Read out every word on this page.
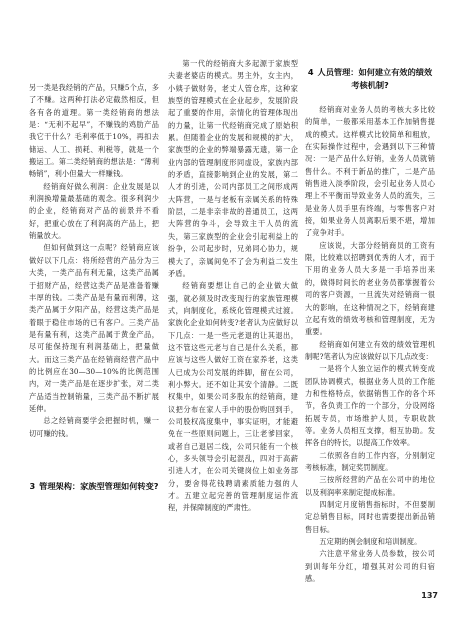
另一类是我经销的产品，只赚5个点，多了不赚。这两种打法必定截然相反，但各有各的道理。第一类经销商的想法是：“无利不起早”，不赚钱的鸡肋产品我它干什么？毛利率低于10%，再扣去储运、人工、损耗、利税等，就是一个搬运工。第二类经销商的想法是：“薄利畅销”，利小但量大一样赚钱。

经销商好做么利润：企业发展是以利润换增量最基础的观念。很多利润少的企业，经销商对产品的前景并不看好，把重心放在了利润高的产品上，把销量放大。

但如何做到这一点呢？经销商应该做好以下几点：将所经营的产品分为三大类，一类产品有利无量，这类产品属于招财产品，经营这类产品是准备着赚丰厚的钱。二类产品是有量而利薄，这类产品属于夕阳产品，经营这类产品是着眼于稳住市场的已有客户。三类产品是有量有利，这类产品属于黄金产品，尽可能保持现有利润基础上，把量做大。而这三类产品在经销商经营产品中的比例应在30—30—10%的比例范围内，对一类产品是在逐步扩张，对二类产品适当控制销量，三类产品不断扩展延伸。

总之经销商要学会把握时机，赚一切可赚的钱。

3 管理架构：家族型管理如何转变?

第一代的经销商大多起源于家族型夫妻老婆店的模式。男主外，女主内，小姨子做财务，老丈人管仓库，这种家族型的管理模式在企业起步，发展阶段起了重要的作用，亲情化的管理体现出的力量，让第一代经销商完成了原始积累。但随着企业的发展和规模的扩大，家族型的企业的弊端暴露无遗，第一企业内部的管理制度形同虚设，家族内部的矛盾，直接影响到企业的发展，第二人才的引进，公司内部员工之间形成两大阵营，一是与老板有亲属关系的特殊阶层，二是非亲非故的普通员工，这两大阵营的争斗，会导致主干人员的流失，第三家族型的企业会引起利益上的纷争，公司起步时，兄弟同心协力，规模大了，亲属间免不了会为利益二发生矛盾。

经销商要想让自己的企业做大做强，就必须及时改变现行的家族管理模式，向制度化，系统化管理模式过渡。家族化企业如何转变?老者认为应做好以下几点：一是一些元老退的让其退出，这不管这些元老与自己是什么关系，都应该与这些人做好工资在家养老，这类人已成为公司发展的绊脚，留在公司，利小弊大。还不如让其安个清静。二既权集中，如果公司多股东的经销商，建议把分布在家人手中的股份购回到手，公司股权高度集中，事实证明，才能避免在一些原则问题上，三让老爹回家，或者自己退居二线，公司只能有一个核心，多头领导会引起混乱，四对于高薪引进人才，在公司关键岗位上如业务部分，要舍得花钱聘请素质能力强的人才。五建立起完善的管理制度运作流程，并保障制度的严肃性。

4 人员管理：如何建立有效的绩效考核机制?

经销商对业务人员的考核大多比较的简单，一般都采用基本工作加销售提成的模式。这样模式比较简单和粗放，在实际操作过程中，会遇到以下三种情况：一是产品什么好销，业务人员就销售什么。不利于新品的推广，二是产品销售进入淡季阶段，会引起业务人员心理上不平衡而导致业务人员的流失，三是业务人员手里有终端，与零售客户对接，如果业务人员离职后果不堪，增加了竞争对手。

应该说，大部分经销商员的工资有限，比较难以招聘到优秀的人才，而于下用的业务人员大多是一手培养出来的，做得时间长的老业务员都掌握着公司的客户资源，一旦流失对经销商一很大的影响，在这种情况之下，经销商建立起有效的绩效考核和管理制度，无为重要。

经销商如何建立有效的绩效管理机制呢?笔者认为应该做好以下几点改变：

一是将个人独立运作的模式转变成团队协调模式，根据业务人员的工作能力和性格特点，依据销售工作的各个环节，各负责工作的一个部分，分设网络拓展专员，市场维护人员，专职收款等。业务人员相互支撑，相互协助。发挥各自的特长，以提高工作效率。

二依照各自的工作内容，分别制定考核标准，制定奖罚制度。

三按所经营的产品在公司中的地位以及利润率来制定提成标准。

四制定月度销售指标时，不但要制定总销售目标，同时也需要提出新品销售目标。

五定期的例会制度和培训制度。

六注意平常业务人员参数，按公司到训每年分红，增强其对公司的归宿感。

137
